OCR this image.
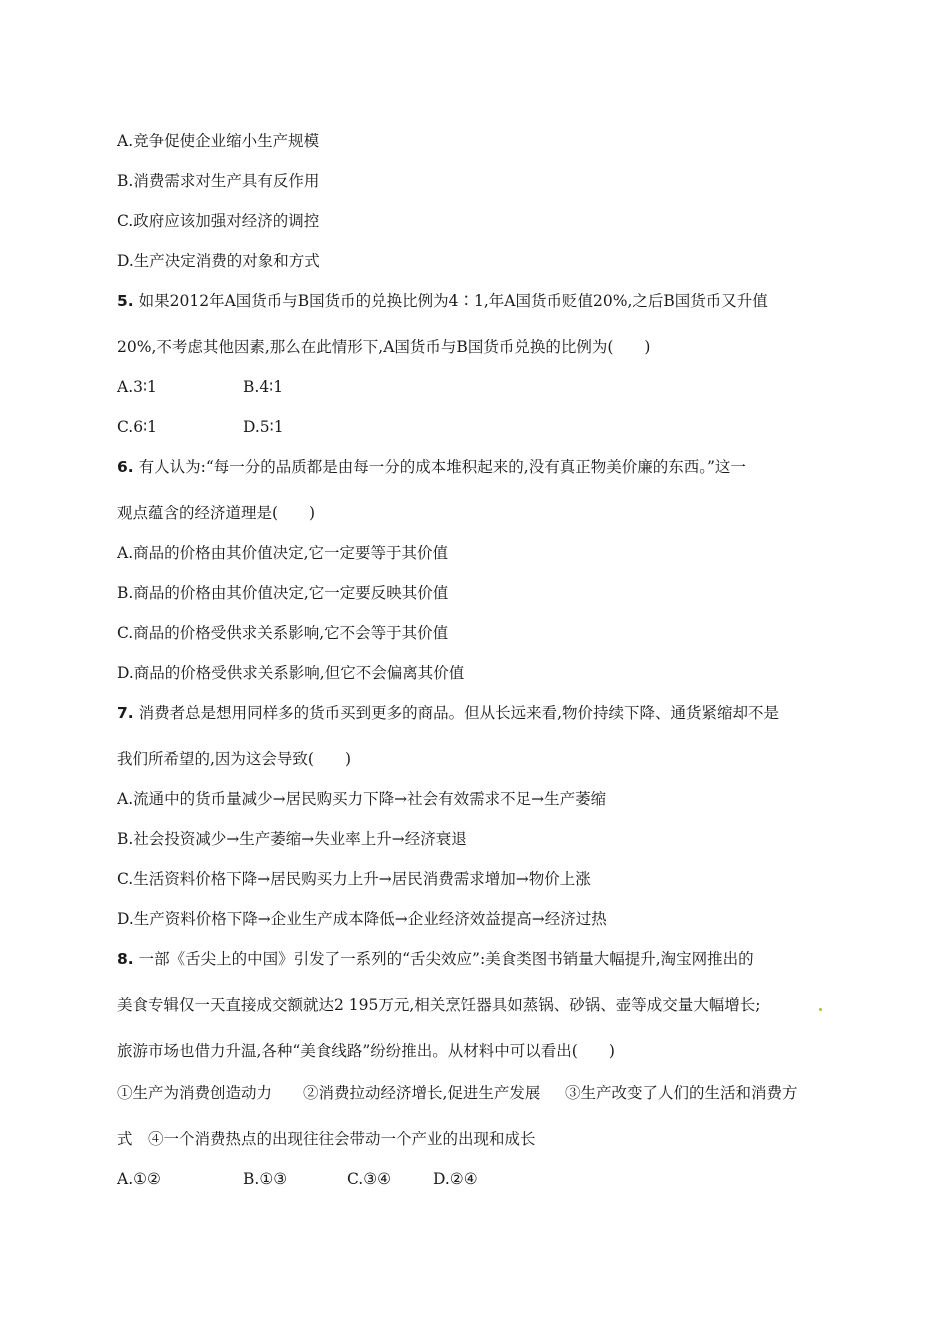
A.竞争促使企业缩小生产规模
B.消费需求对生产具有反作用
C.政府应该加强对经济的调控
D.生产决定消费的对象和方式
5. 如果2012年A国货币与B国货币的兑换比例为4∶1,年A国货币贬值20%,之后B国货币又升值
20%,不考虑其他因素,那么在此情形下,A国货币与B国货币兑换的比例为(　　)
A.3∶1	B.4∶1
C.6∶1	D.5∶1
6. 有人认为:“每一分的品质都是由每一分的成本堆积起来的,没有真正物美价廉的东西。”这一
观点蕴含的经济道理是(　　)
A.商品的价格由其价值决定,它一定要等于其价值
B.商品的价格由其价值决定,它一定要反映其价值
C.商品的价格受供求关系影响,它不会等于其价值
D.商品的价格受供求关系影响,但它不会偏离其价值
7. 消费者总是想用同样多的货币买到更多的商品。但从长远来看,物价持续下降、通货紧缩却不是
我们所希望的,因为这会导致(　　)
A.流通中的货币量减少→居民购买力下降→社会有效需求不足→生产萎缩
B.社会投资减少→生产萎缩→失业率上升→经济衰退
C.生活资料价格下降→居民购买力上升→居民消费需求增加→物价上涨
D.生产资料价格下降→企业生产成本降低→企业经济效益提高→经济过热
8. 一部《舌尖上的中国》引发了一系列的“舌尖效应”:美食类图书销量大幅提升,淘宝网推出的
美食专辑仅一天直接成交额就达2 195万元,相关烹饪器具如蒸锅、砂锅、壶等成交量大幅增长;
旅游市场也借力升温,各种“美食线路”纷纷推出。从材料中可以看出(　　)
①生产为消费创造动力 ②消费拉动经济增长,促进生产发展 ③生产改变了人们的生活和消费方
式　④一个消费热点的出现往往会带动一个产业的出现和成长
A.①②	B.①③	C.③④	D.②④
